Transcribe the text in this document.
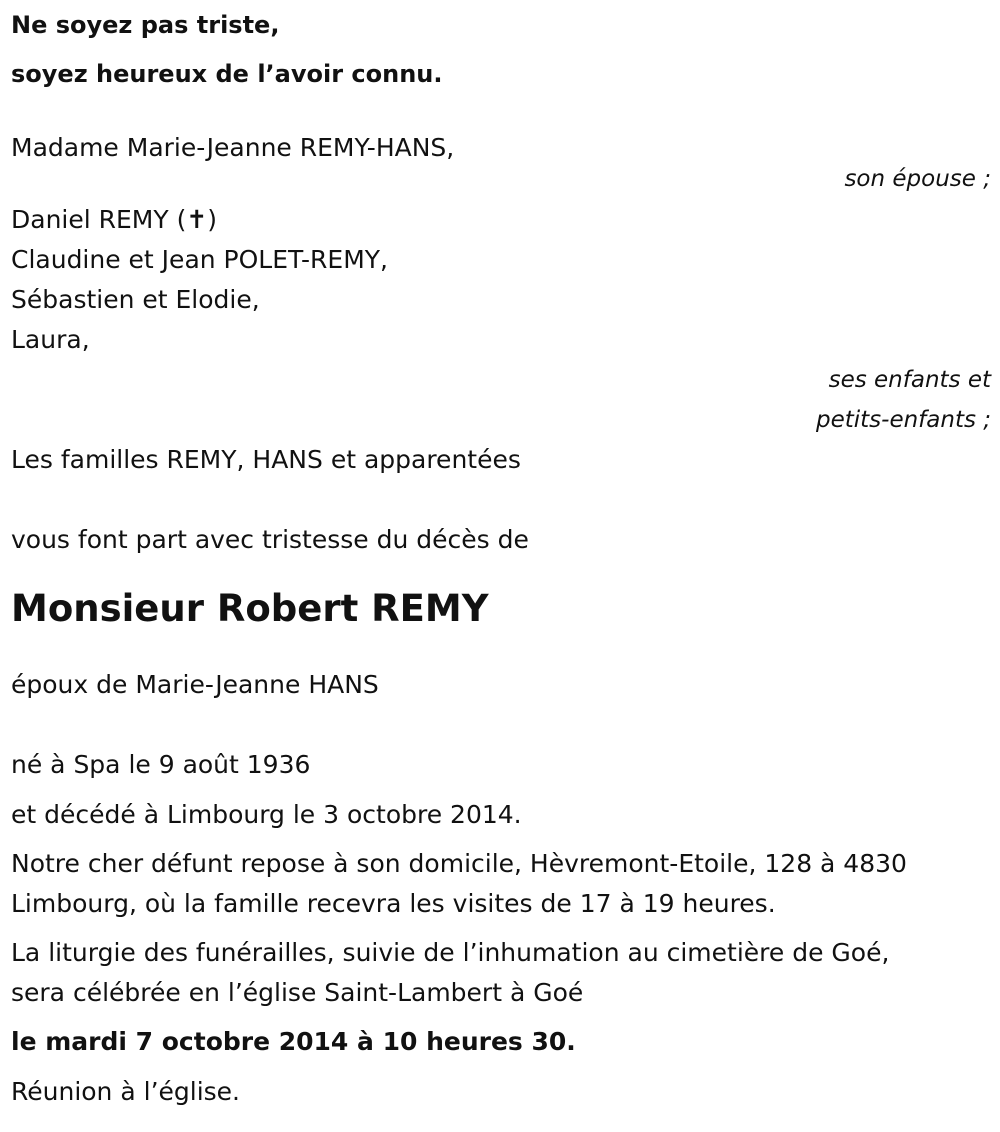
Ne soyez pas triste,
soyez heureux de l’avoir connu.
Madame Marie-Jeanne REMY-HANS,
son épouse ;
Daniel REMY (✝)
Claudine et Jean POLET-REMY,
Sébastien et Elodie,
Laura,
ses enfants et
petits-enfants ;
Les familles REMY, HANS et apparentées
vous font part avec tristesse du décès de
Monsieur Robert REMY
époux de Marie-Jeanne HANS
né à Spa le 9 août 1936
et décédé à Limbourg le 3 octobre 2014.
Notre cher défunt repose à son domicile, Hèvremont-Etoile, 128 à 4830
Limbourg, où la famille recevra les visites de 17 à 19 heures.
La liturgie des funérailles, suivie de l’inhumation au cimetière de Goé,
sera célébrée en l’église Saint-Lambert à Goé
le mardi 7 octobre 2014 à 10 heures 30.
Réunion à l’église.
